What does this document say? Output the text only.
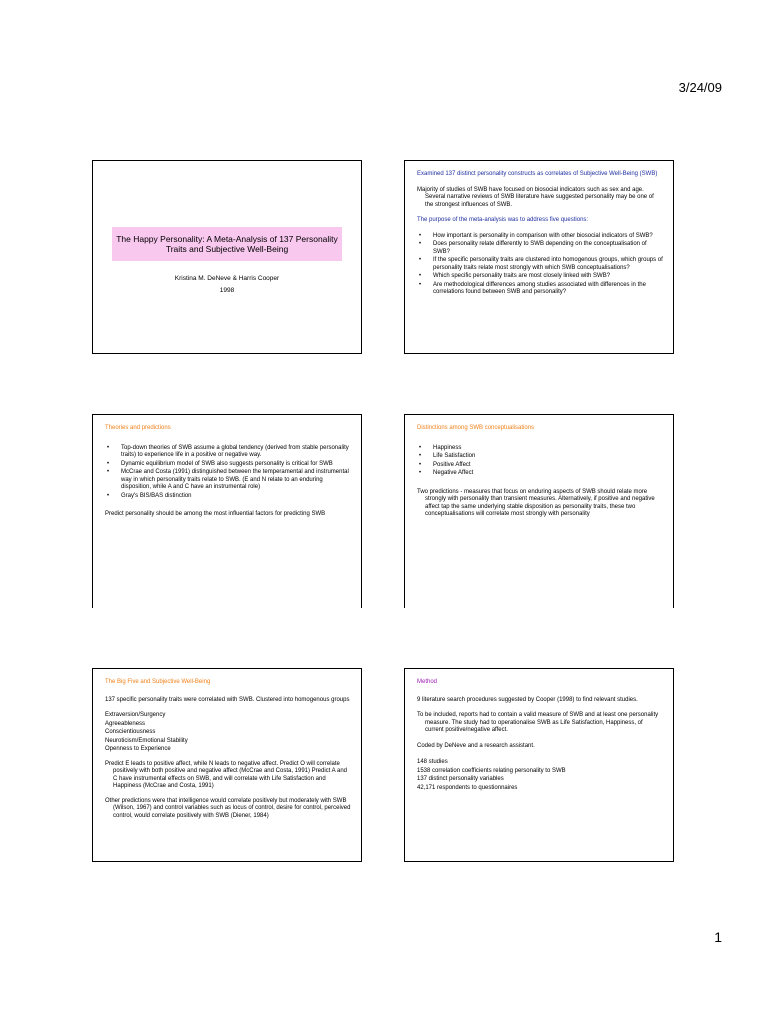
3/24/09
The Happy Personality: A Meta-Analysis of 137 Personality Traits and Subjective Well-Being
Kristina M. DeNeve & Harris Cooper
1998

Examined 137 distinct personality constructs as correlates of Subjective Well-Being (SWB)

Majority of studies of SWB have focused on biosocial indicators such as sex and age. Several narrative reviews of SWB literature have suggested personality may be one of the strongest influences of SWB.

The purpose of the meta-analysis was to address five questions:
• How important is personality in comparison with other biosocial indicators of SWB?
• Does personality relate differently to SWB depending on the conceptualisation of SWB?
• If the specific personality traits are clustered into homogenous groups, which groups of personality traits relate most strongly with which SWB conceptualisations?
• Which specific personality traits are most closely linked with SWB?
• Are methodological differences among studies associated with differences in the correlations found between SWB and personality?
Theories and predictions
• Top-down theories of SWB assume a global tendency (derived from stable personality traits) to experience life in a positive or negative way.
• Dynamic equilibrium model of SWB also suggests personality is critical for SWB
• McCrae and Costa (1991) distinguished between the temperamental and instrumental way in which personality traits relate to SWB. (E and N relate to an enduring disposition, while A and C have an instrumental role)
• Gray's BIS/BAS distinction

Predict personality should be among the most influential factors for predicting SWB

Distinctions among SWB conceptualisations
• Happiness
• Life Satisfaction
• Positive Affect
• Negative Affect

Two predictions - measures that focus on enduring aspects of SWB should relate more strongly with personality than transient measures. Alternatively, if positive and negative affect tap the same underlying stable disposition as personality traits, these two conceptualisations will correlate most strongly with personality

The Big Five and Subjective Well-Being

137 specific personality traits were correlated with SWB. Clustered into homogenous groups

Extraversion/Surgency

Agreeableness

Conscientiousness

Neuroticism/Emotional Stability

Openness to Experience

Predict E leads to positive affect, while N leads to negative affect. Predict O will correlate positively with both positive and negative affect (McCrae and Costa, 1991) Predict A and C have instrumental effects on SWB, and will correlate with Life Satisfaction and Happiness (McCrae and Costa, 1991)

Other predictions were that intelligence would correlate positively but moderately with SWB (Wilson, 1967) and control variables such as locus of control, desire for control, perceived control, would correlate positively with SWB (Diener, 1984)

Method

9 literature search procedures suggested by Cooper (1998) to find relevant studies.

To be included, reports had to contain a valid measure of SWB and at least one personality measure. The study had to operationalise SWB as Life Satisfaction, Happiness, of current positive/negative affect.

Coded by DeNeve and a research assistant.

148 studies

1538 correlation coefficients relating personality to SWB

137 distinct personality variables

42,171 respondents to questionnaires

1
